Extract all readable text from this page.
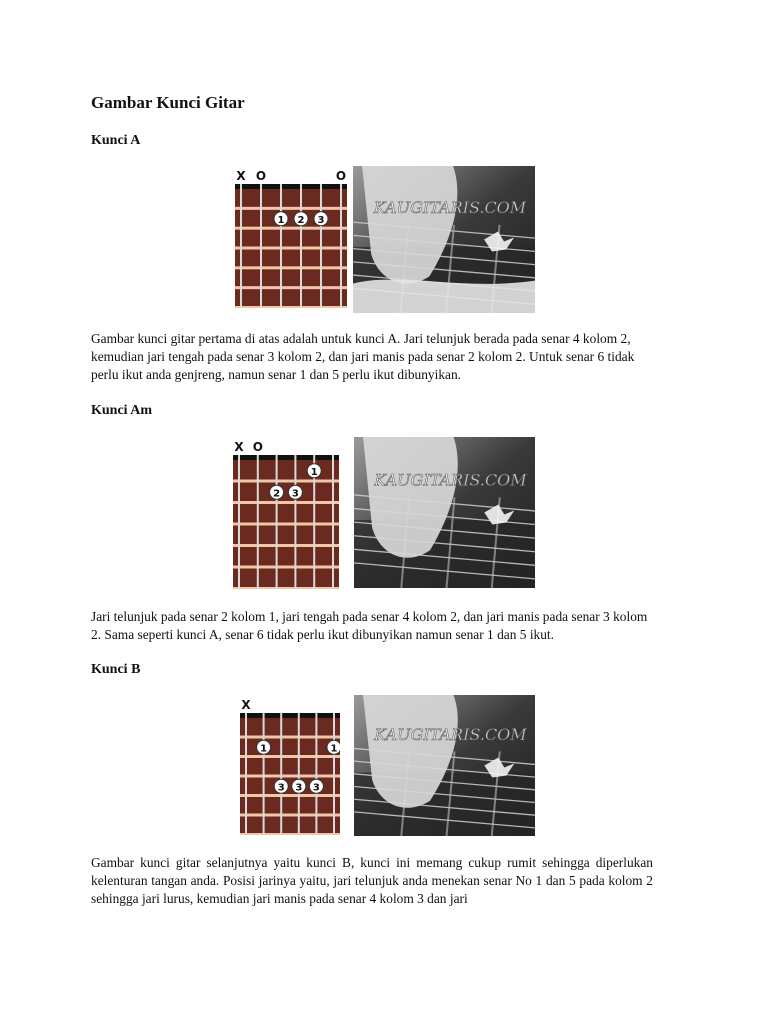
Gambar Kunci Gitar
Kunci A
X O	O
1 2 3
KAUGITARIS.COM

Gambar kunci gitar pertama di atas adalah untuk kunci A. Jari telunjuk berada pada senar 4 kolom 2, kemudian jari tengah pada senar 3 kolom 2, dan jari manis pada senar 2 kolom 2. Untuk senar 6 tidak perlu ikut anda genjreng, namun senar 1 dan 5 perlu ikut dibunyikan.

Kunci Am
X O
1
2 3
KAUGITARIS.COM

Jari telunjuk pada senar 2 kolom 1, jari tengah pada senar 4 kolom 2, dan jari manis pada senar 3 kolom 2. Sama seperti kunci A, senar 6 tidak perlu ikut dibunyikan namun senar 1 dan 5 ikut.

Kunci B
X
1	1
3 3 3
KAUGITARIS.COM

Gambar kunci gitar selanjutnya yaitu kunci B, kunci ini memang cukup rumit sehingga diperlukan kelenturan tangan anda. Posisi jarinya yaitu, jari telunjuk anda menekan senar No 1 dan 5 pada kolom 2 sehingga jari lurus, kemudian jari manis pada senar 4 kolom 3 dan jari
